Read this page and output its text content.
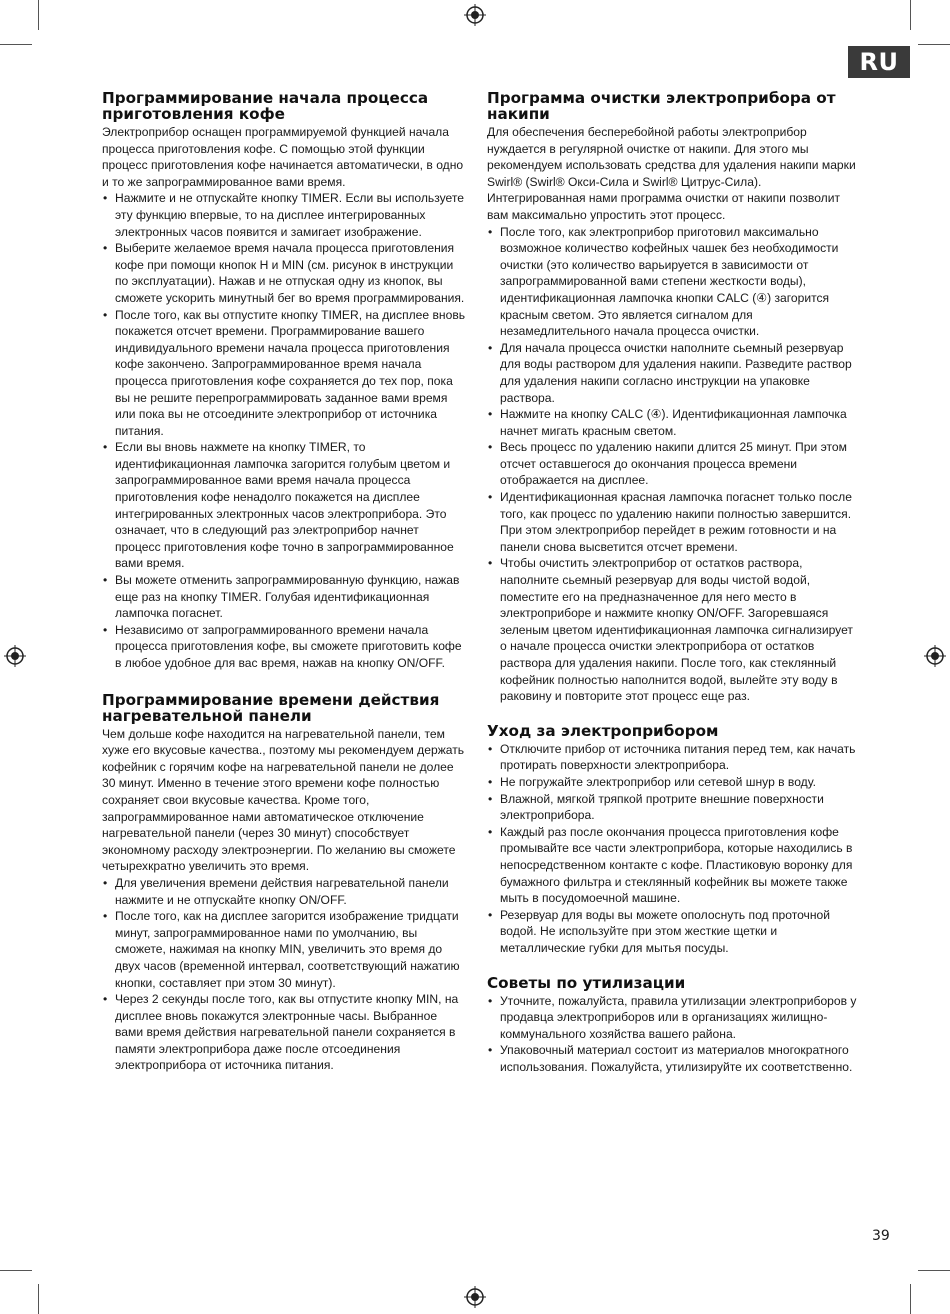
RU
Программирование начала процесса приготовления кофе

Электроприбор оснащен программируемой функцией начала процесса приготовления кофе. С помощью этой функции процесс приготовления кофе начинается автоматически, в одно и то же запрограммированное вами время.

• Нажмите и не отпускайте кнопку TIMER. Если вы используете эту функцию впервые, то на дисплее интегрированных электронных часов появится и замигает изображение.
• Выберите желаемое время начала процесса приготовления кофе при помощи кнопок H и MIN (см. рисунок в инструкции по эксплуатации). Нажав и не отпуская одну из кнопок, вы сможете ускорить минутный бег во время программирования.
• После того, как вы отпустите кнопку TIMER, на дисплее вновь покажется отсчет времени. Программирование вашего индивидуального времени начала процесса приготовления кофе закончено. Запрограммированное время начала процесса приготовления кофе сохраняется до тех пор, пока вы не решите перепрограммировать заданное вами время или пока вы не отсоедините электроприбор от источника питания.
• Если вы вновь нажмете на кнопку TIMER, то идентификационная лампочка загорится голубым цветом и запрограммированное вами время начала процесса приготовления кофе ненадолго покажется на дисплее интегрированных электронных часов электроприбора. Это означает, что в следующий раз электроприбор начнет процесс приготовления кофе точно в запрограммированное вами время.
• Вы можете отменить запрограммированную функцию, нажав еще раз на кнопку TIMER. Голубая идентификационная лампочка погаснет.
• Независимо от запрограммированного времени начала процесса приготовления кофе, вы сможете приготовить кофе в любое удобное для вас время, нажав на кнопку ON/OFF.
Программирование времени действия нагревательной панели

Чем дольше кофе находится на нагревательной панели, тем хуже его вкусовые качества., поэтому мы рекомендуем держать кофейник с горячим кофе на нагревательной панели не долее 30 минут. Именно в течение этого времени кофе полностью сохраняет свои вкусовые качества. Кроме того, запрограммированное нами автоматическое отключение нагревательной панели (через 30 минут) способствует экономному расходу электроэнергии. По желанию вы сможете четырехкратно увеличить это время.

• Для увеличения времени действия нагревательной панели нажмите и не отпускайте кнопку ON/OFF.
• После того, как на дисплее загорится изображение тридцати минут, запрограммированное нами по умолчанию, вы сможете, нажимая на кнопку MIN, увеличить это время до двух часов (временной интервал, соответствующий нажатию кнопки, составляет при этом 30 минут).
• Через 2 секунды после того, как вы отпустите кнопку MIN, на дисплее вновь покажутся электронные часы. Выбранное вами время действия нагревательной панели сохраняется в памяти электроприбора даже после отсоединения электроприбора от источника питания.
Программа очистки электроприбора от накипи

Для обеспечения бесперебойной работы электроприбор нуждается в регулярной очистке от накипи. Для этого мы рекомендуем использовать средства для удаления накипи марки Swirl® (Swirl® Окси-Сила и Swirl® Цитрус-Сила). Интегрированная нами программа очистки от накипи позволит вам максимально упростить этот процесс.

• После того, как электроприбор приготовил максимально возможное количество кофейных чашек без необходимости очистки (это количество варьируется в зависимости от запрограммированной вами степени жесткости воды), идентификационная лампочка кнопки CALC (④) загорится красным светом. Это является сигналом для незамедлительного начала процесса очистки.
• Для начала процесса очистки наполните сьемный резервуар для воды раствором для удаления накипи. Разведите раствор для удаления накипи согласно инструкции на упаковке раствора.
• Нажмите на кнопку CALC (④). Идентификационная лампочка начнет мигать красным светом.
• Весь процесс по удалению накипи длится 25 минут. При этом отсчет оставшегося до окончания процесса времени отображается на дисплее.
• Идентификационная красная лампочка погаснет только после того, как процесс по удалению накипи полностью завершится. При этом электроприбор перейдет в режим готовности и на панели снова высветится отсчет времени.
• Чтобы очистить электроприбор от остатков раствора, наполните сьемный резервуар для воды чистой водой, поместите его на предназначенное для него место в электроприборе и нажмите кнопку ON/OFF. Загоревшаяся зеленым цветом идентификационная лампочка сигнализирует о начале процесса очистки электроприбора от остатков раствора для удаления накипи. После того, как стеклянный кофейник полностью наполнится водой, вылейте эту воду в раковину и повторите этот процесс еще раз.
Уход за электроприбором
• Отключите прибор от источника питания перед тем, как начать протирать поверхности электроприбора.
• Не погружайте электроприбор или сетевой шнур в воду.
• Влажной, мягкой тряпкой протрите внешние поверхности электроприбора.
• Каждый раз после окончания процесса приготовления кофе промывайте все части электроприбора, которые находились в непосредственном контакте с кофе. Пластиковую воронку для бумажного фильтра и стеклянный кофейник вы можете также мыть в посудомоечной машине.
• Резервуар для воды вы можете ополоснуть под проточной водой. Не используйте при этом жесткие щетки и металлические губки для мытья посуды.
Советы по утилизации
• Уточните, пожалуйста, правила утилизации электроприборов у продавца электроприборов или в организациях жилищно-коммунального хозяйства вашего района.
• Упаковочный материал состоит из материалов многократного использования. Пожалуйста, утилизируйте их соответственно.
39
